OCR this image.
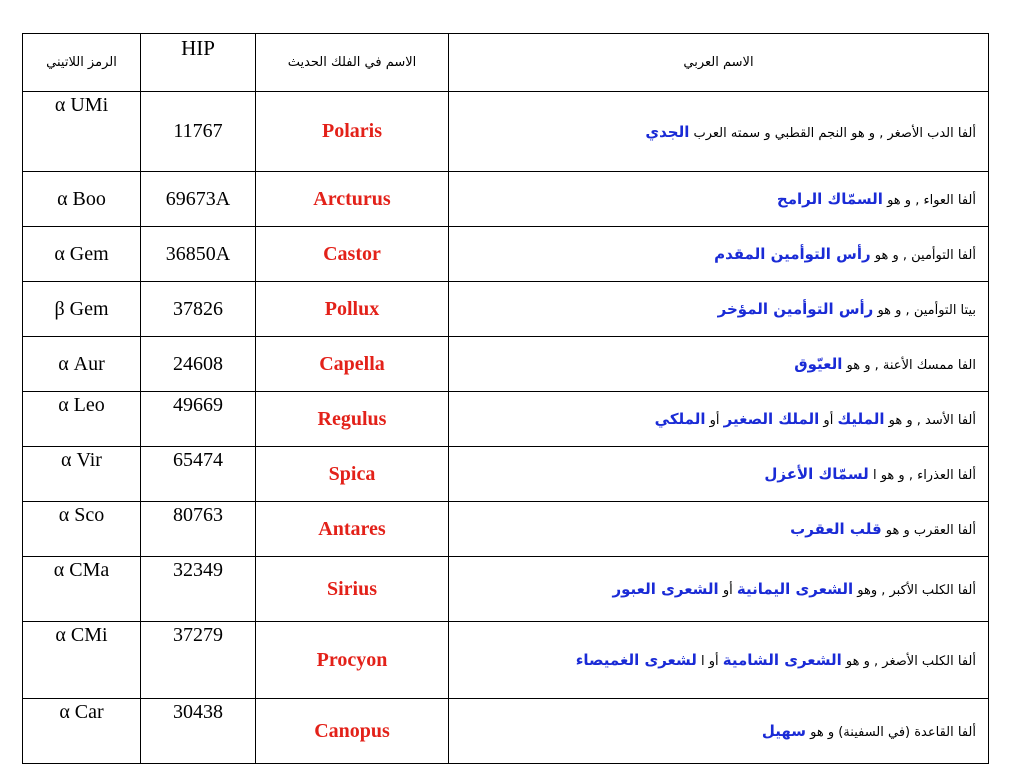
الرمز اللاتيني	HIP	الاسم في الفلك الحديث	الاسم العربي
α UMi	11767	Polaris	ألفا الدب الأصغر , و هو النجم القطبي و سمته العرب الجدي
α Boo	69673A	Arcturus	ألفا العواء , و هو السمّاك الرامح
α Gem	36850A	Castor	ألفا التوأمين , و هو رأس التوأمين المقدم
β Gem	37826	Pollux	بيتا التوأمين , و هو رأس التوأمين المؤخر
α Aur	24608	Capella	الفا ممسك الأعنة , و هو العيّوق
α Leo	49669	Regulus	ألفا الأسد , و هو المليك أو الملك الصغير أو الملكي
α Vir	65474	Spica	ألفا العذراء , و هو ا لسمّاك الأعزل
α Sco	80763	Antares	ألفا العقرب و هو قلب العقرب
α CMa	32349	Sirius	ألفا الكلب الأكبر , وهو الشعرى اليمانية أو الشعرى العبور
α CMi	37279	Procyon	ألفا الكلب الأصغر , و هو الشعرى الشامية أو ا لشعرى الغميصاء
α Car	30438	Canopus	ألفا القاعدة (في السفينة) و هو سهيل
